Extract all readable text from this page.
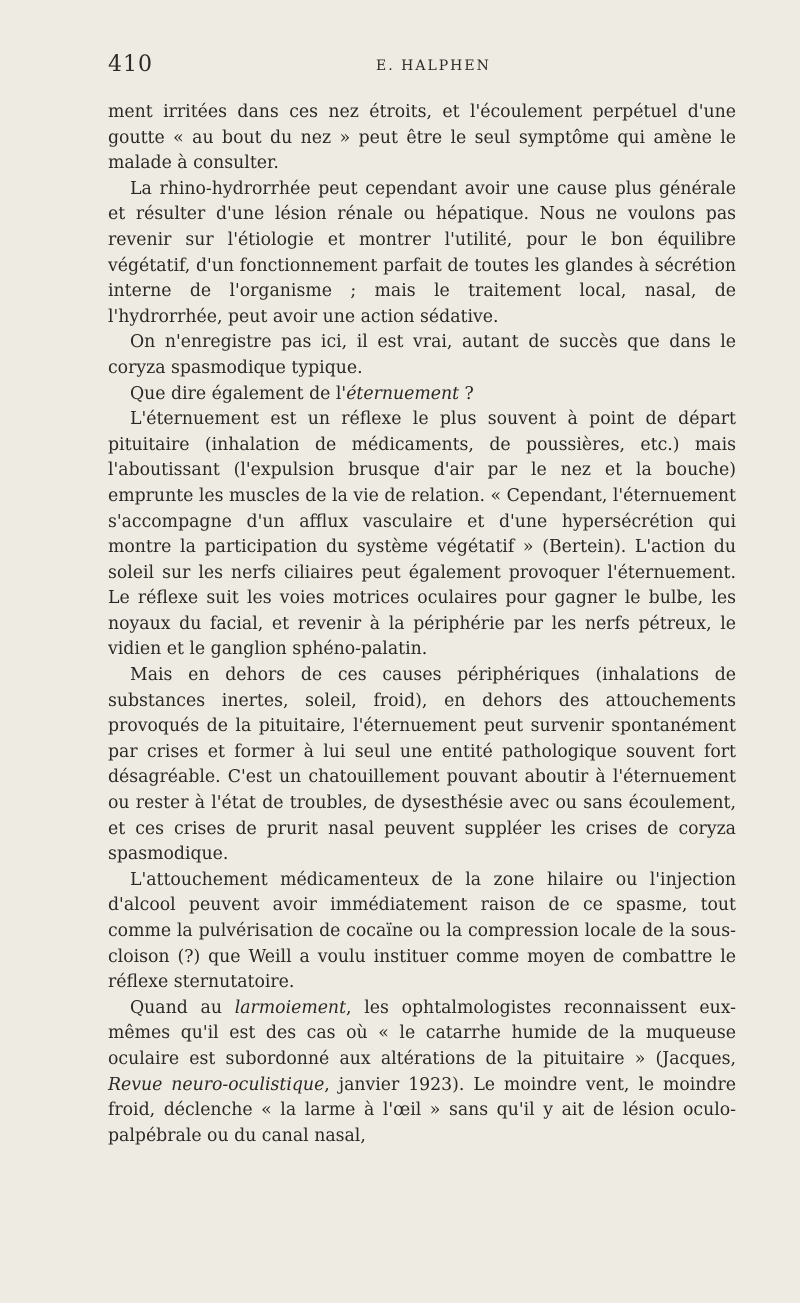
410	E. HALPHEN

ment irritées dans ces nez étroits, et l'écoulement perpétuel d'une goutte « au bout du nez » peut être le seul symptôme qui amène le malade à consulter.

La rhino-hydrorrhée peut cependant avoir une cause plus générale et résulter d'une lésion rénale ou hépatique. Nous ne voulons pas revenir sur l'étiologie et montrer l'utilité, pour le bon équilibre végétatif, d'un fonctionnement parfait de toutes les glandes à sécrétion interne de l'organisme ; mais le traitement local, nasal, de l'hydrorrhée, peut avoir une action sédative.

On n'enregistre pas ici, il est vrai, autant de succès que dans le coryza spasmodique typique.

Que dire également de l'éternuement ?

L'éternuement est un réflexe le plus souvent à point de départ pituitaire (inhalation de médicaments, de poussières, etc.) mais l'aboutissant (l'expulsion brusque d'air par le nez et la bouche) emprunte les muscles de la vie de relation. « Cependant, l'éternuement s'accompagne d'un afflux vasculaire et d'une hypersécrétion qui montre la participation du système végétatif » (Bertein). L'action du soleil sur les nerfs ciliaires peut également provoquer l'éternuement. Le réflexe suit les voies motrices oculaires pour gagner le bulbe, les noyaux du facial, et revenir à la périphérie par les nerfs pétreux, le vidien et le ganglion sphéno-palatin.

Mais en dehors de ces causes périphériques (inhalations de substances inertes, soleil, froid), en dehors des attouchements provoqués de la pituitaire, l'éternuement peut survenir spontanément par crises et former à lui seul une entité pathologique souvent fort désagréable. C'est un chatouillement pouvant aboutir à l'éternuement ou rester à l'état de troubles, de dysesthésie avec ou sans écoulement, et ces crises de prurit nasal peuvent suppléer les crises de coryza spasmodique.

L'attouchement médicamenteux de la zone hilaire ou l'injection d'alcool peuvent avoir immédiatement raison de ce spasme, tout comme la pulvérisation de cocaïne ou la compression locale de la sous-cloison (?) que Weill a voulu instituer comme moyen de combattre le réflexe sternutatoire.

Quand au larmoiement, les ophtalmologistes reconnaissent eux-mêmes qu'il est des cas où « le catarrhe humide de la muqueuse oculaire est subordonné aux altérations de la pituitaire » (Jacques, Revue neuro-oculistique, janvier 1923). Le moindre vent, le moindre froid, déclenche « la larme à l'œil » sans qu'il y ait de lésion oculo-palpébrale ou du canal nasal,
